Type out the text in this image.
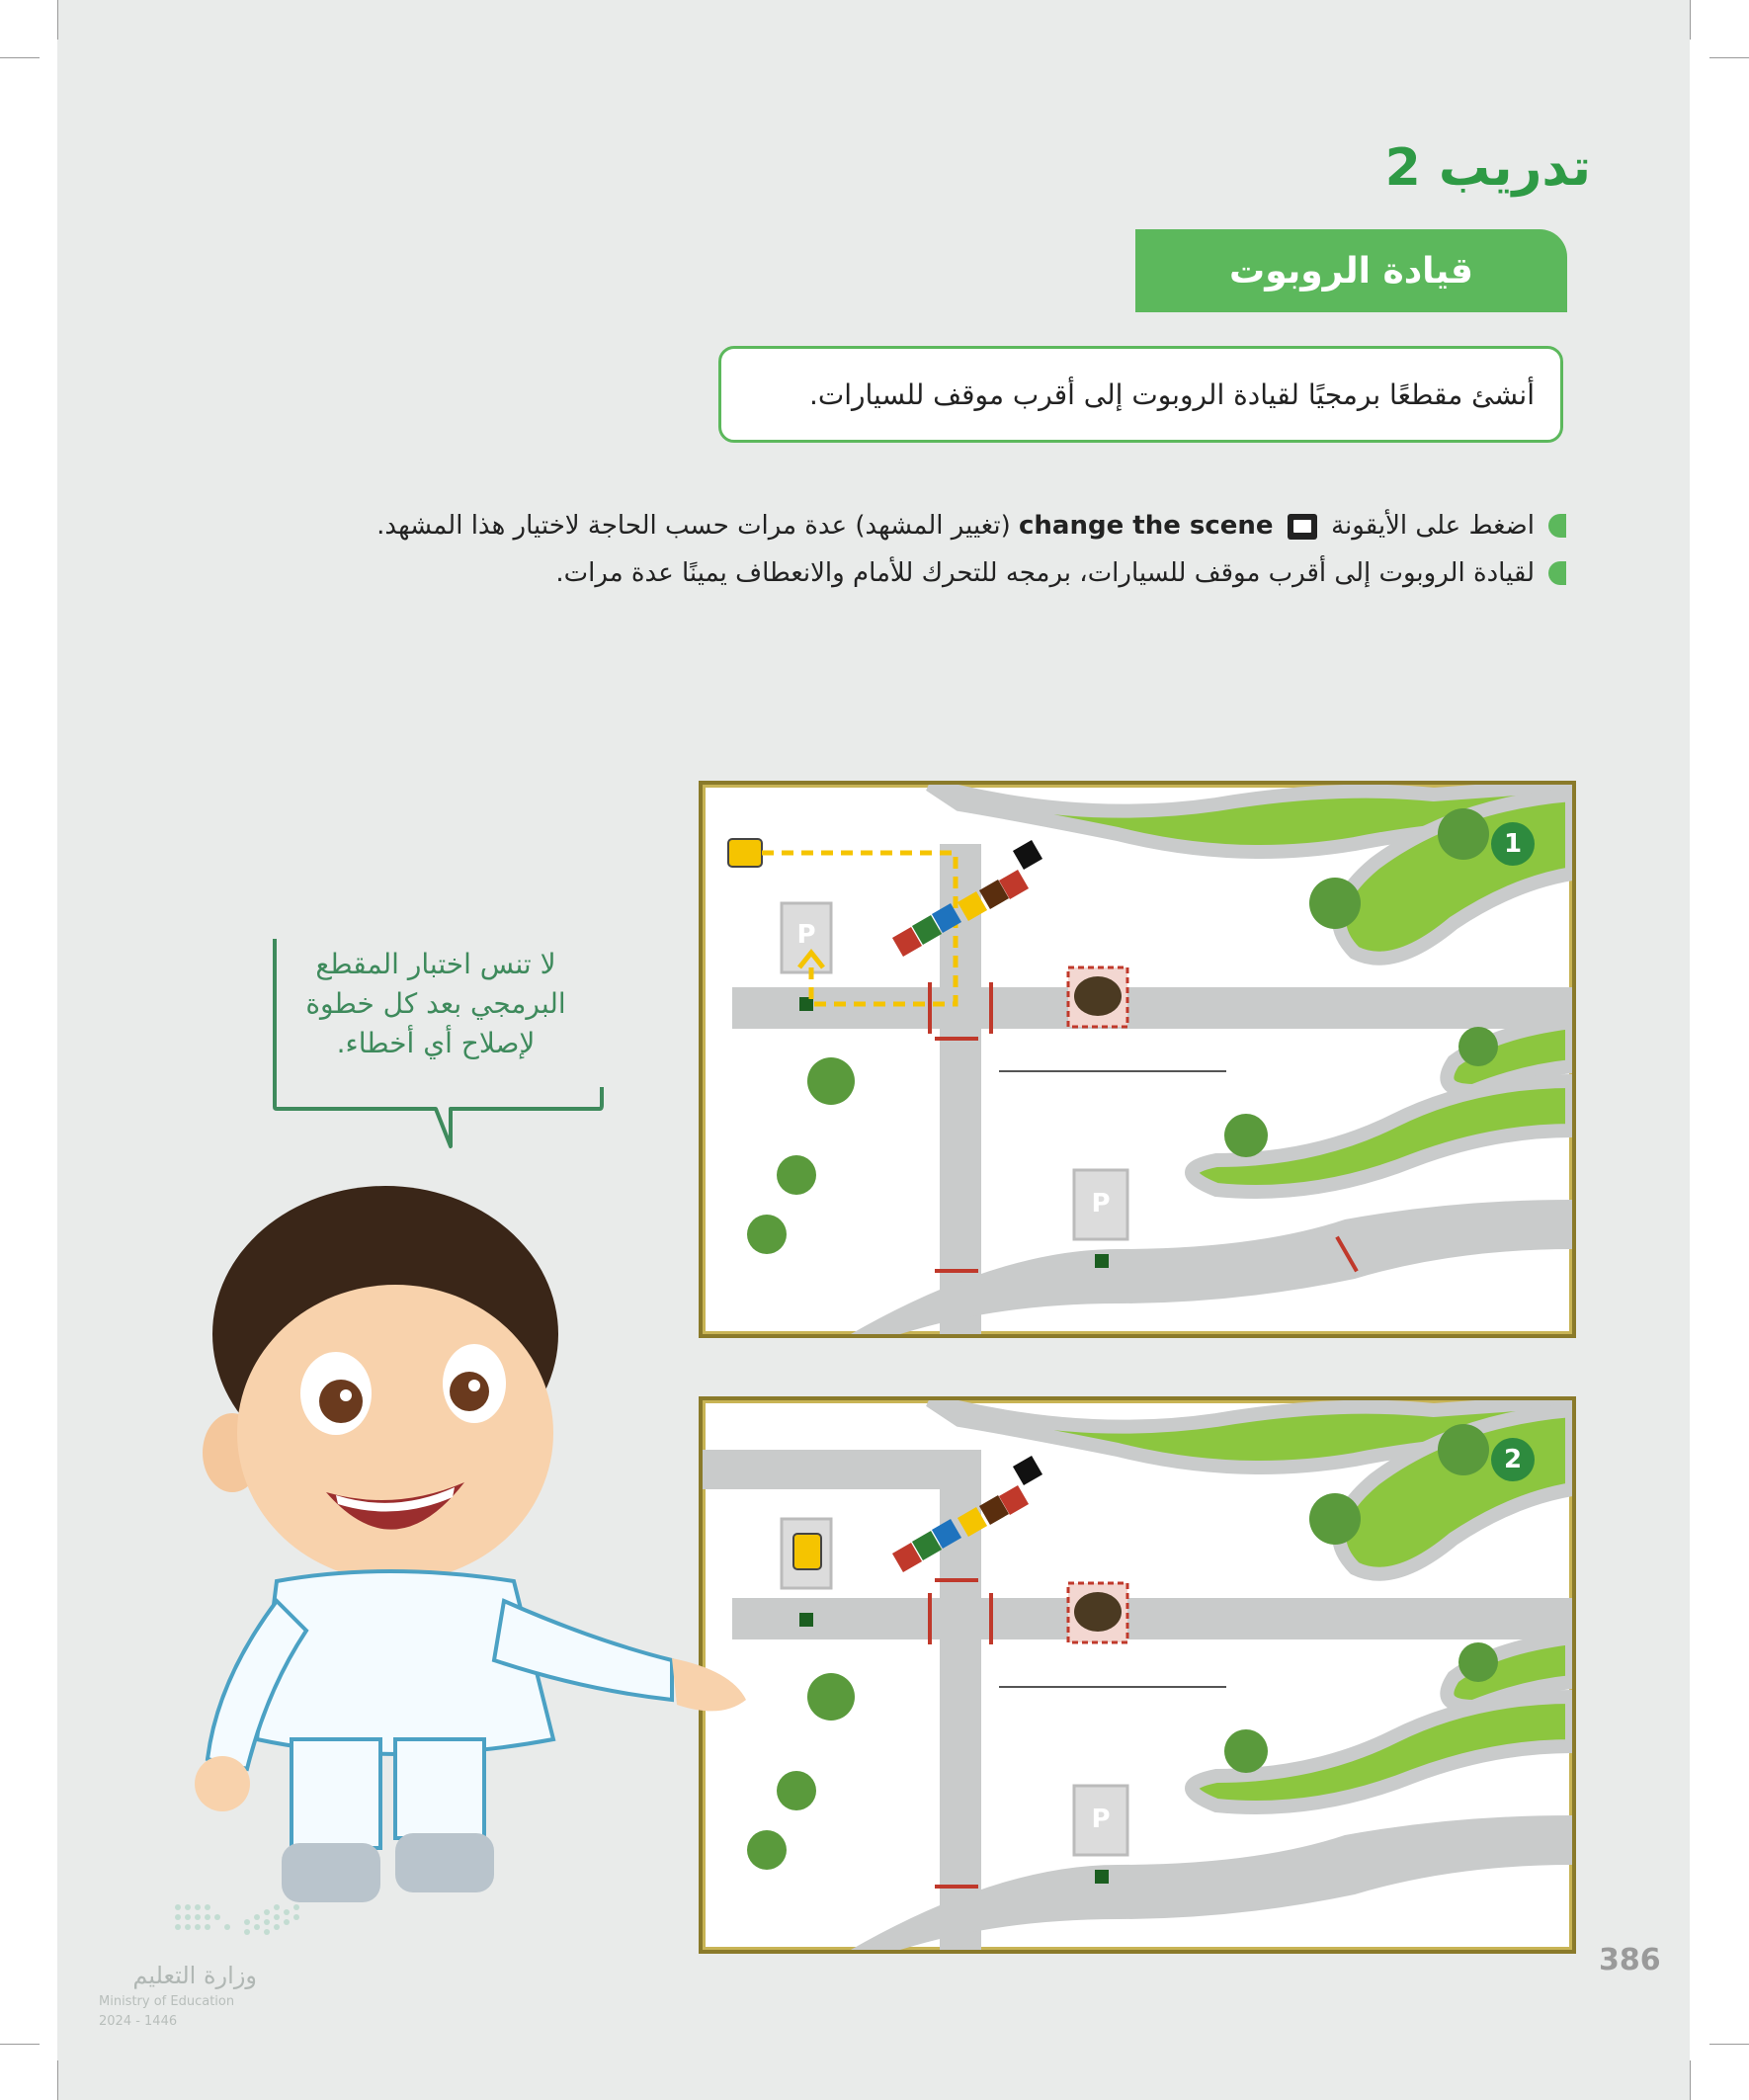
تدريب 2
قيادة الروبوت
أنشئ مقطعًا برمجيًا لقيادة الروبوت إلى أقرب موقف للسيارات.
اضغط على الأيقونة  change the scene (تغيير المشهد) عدة مرات حسب الحاجة لاختيار هذا المشهد.
لقيادة الروبوت إلى أقرب موقف للسيارات، برمجه للتحرك للأمام والانعطاف يمينًا عدة مرات.
P
P
1
P
2
لا تنس اختبار المقطع
البرمجي بعد كل خطوة
لإصلاح أي أخطاء.
386
وزارة التعليم
Ministry of Education
2024 - 1446
